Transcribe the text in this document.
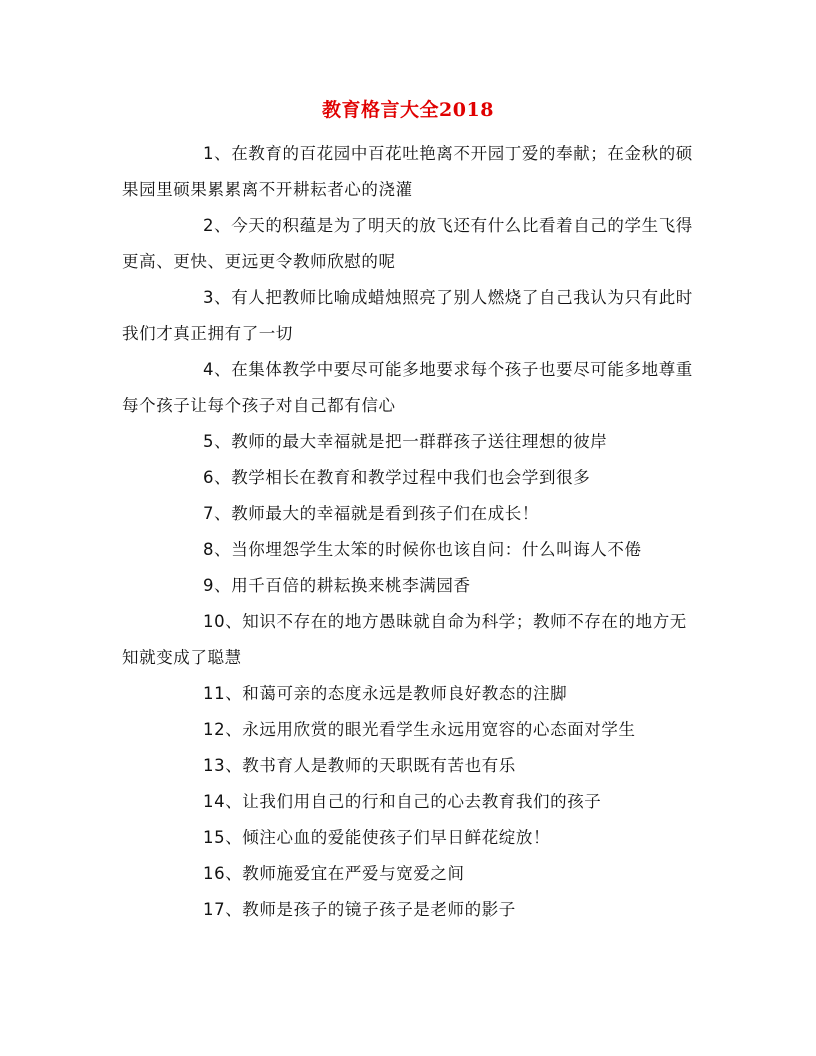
教育格言大全2018

1、在教育的百花园中百花吐艳离不开园丁爱的奉献；在金秋的硕果园里硕果累累离不开耕耘者心的浇灌

2、今天的积蕴是为了明天的放飞还有什么比看着自己的学生飞得更高、更快、更远更令教师欣慰的呢

3、有人把教师比喻成蜡烛照亮了别人燃烧了自己我认为只有此时我们才真正拥有了一切

4、在集体教学中要尽可能多地要求每个孩子也要尽可能多地尊重每个孩子让每个孩子对自己都有信心

5、教师的最大幸福就是把一群群孩子送往理想的彼岸

6、教学相长在教育和教学过程中我们也会学到很多

7、教师最大的幸福就是看到孩子们在成长！

8、当你埋怨学生太笨的时候你也该自问：什么叫诲人不倦

9、用千百倍的耕耘换来桃李满园香

10、知识不存在的地方愚昧就自命为科学；教师不存在的地方无知就变成了聪慧

11、和蔼可亲的态度永远是教师良好教态的注脚

12、永远用欣赏的眼光看学生永远用宽容的心态面对学生

13、教书育人是教师的天职既有苦也有乐

14、让我们用自己的行和自己的心去教育我们的孩子

15、倾注心血的爱能使孩子们早日鲜花绽放！

16、教师施爱宜在严爱与宽爱之间

17、教师是孩子的镜子孩子是老师的影子
